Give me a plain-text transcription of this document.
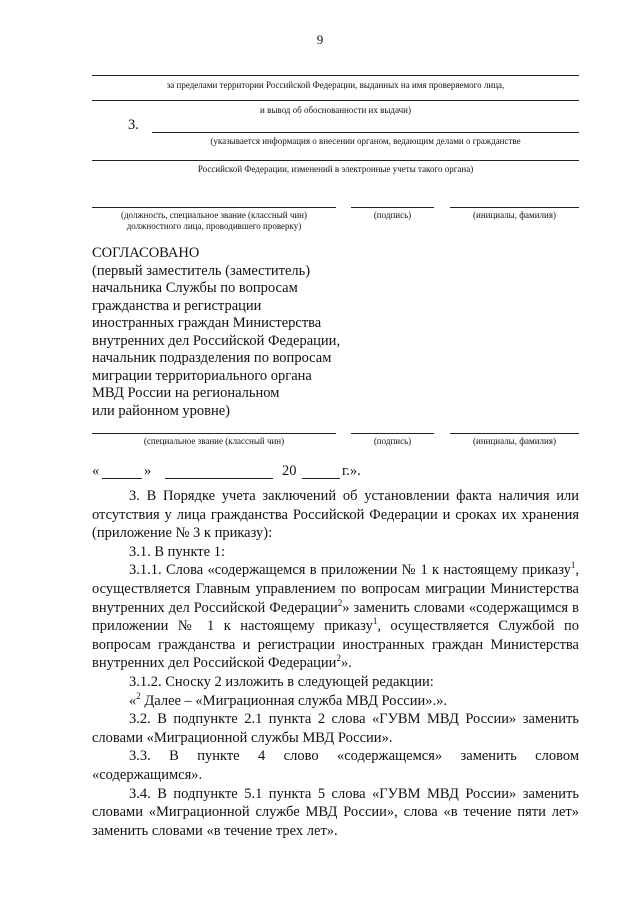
9
за пределами территории Российской Федерации, выданных на имя проверяемого лица,
и вывод об обоснованности их выдачи)
3.
(указывается информация о внесении органом, ведающим делами о гражданстве
Российской Федерации, изменений в электронные учеты такого органа)
(должность, специальное звание (классный чин)
должностного лица, проводившего проверку)
(подпись)	(инициалы, фамилия)
СОГЛАСОВАНО
(первый заместитель (заместитель)
начальника Службы по вопросам
гражданства и регистрации
иностранных граждан Министерства
внутренних дел Российской Федерации,
начальник подразделения по вопросам
миграции территориального органа
МВД России на региональном
или районном уровне)
(специальное звание (классный чин)	(подпись)	(инициалы, фамилия)
«	»	20	г.».

3. В Порядке учета заключений об установлении факта наличия или отсутствия у лица гражданства Российской Федерации и сроках их хранения (приложение № 3 к приказу):

3.1. В пункте 1:

3.1.1. Слова «содержащемся в приложении № 1 к настоящему приказу$^1$, осуществляется Главным управлением по вопросам миграции Министерства внутренних дел Российской Федерации$^2$» заменить словами «содержащимся в приложении № 1 к настоящему приказу$^1$, осуществляется Службой по вопросам гражданства и регистрации иностранных граждан Министерства внутренних дел Российской Федерации$^2$».

3.1.2. Сноску 2 изложить в следующей редакции:

«$^2$ Далее – «Миграционная служба МВД России».».

3.2. В подпункте 2.1 пункта 2 слова «ГУВМ МВД России» заменить словами «Миграционной службы МВД России».

3.3. В пункте 4 слово «содержащемся» заменить словом «содержащимся».

3.4. В подпункте 5.1 пункта 5 слова «ГУВМ МВД России» заменить словами «Миграционной службе МВД России», слова «в течение пяти лет» заменить словами «в течение трех лет».
